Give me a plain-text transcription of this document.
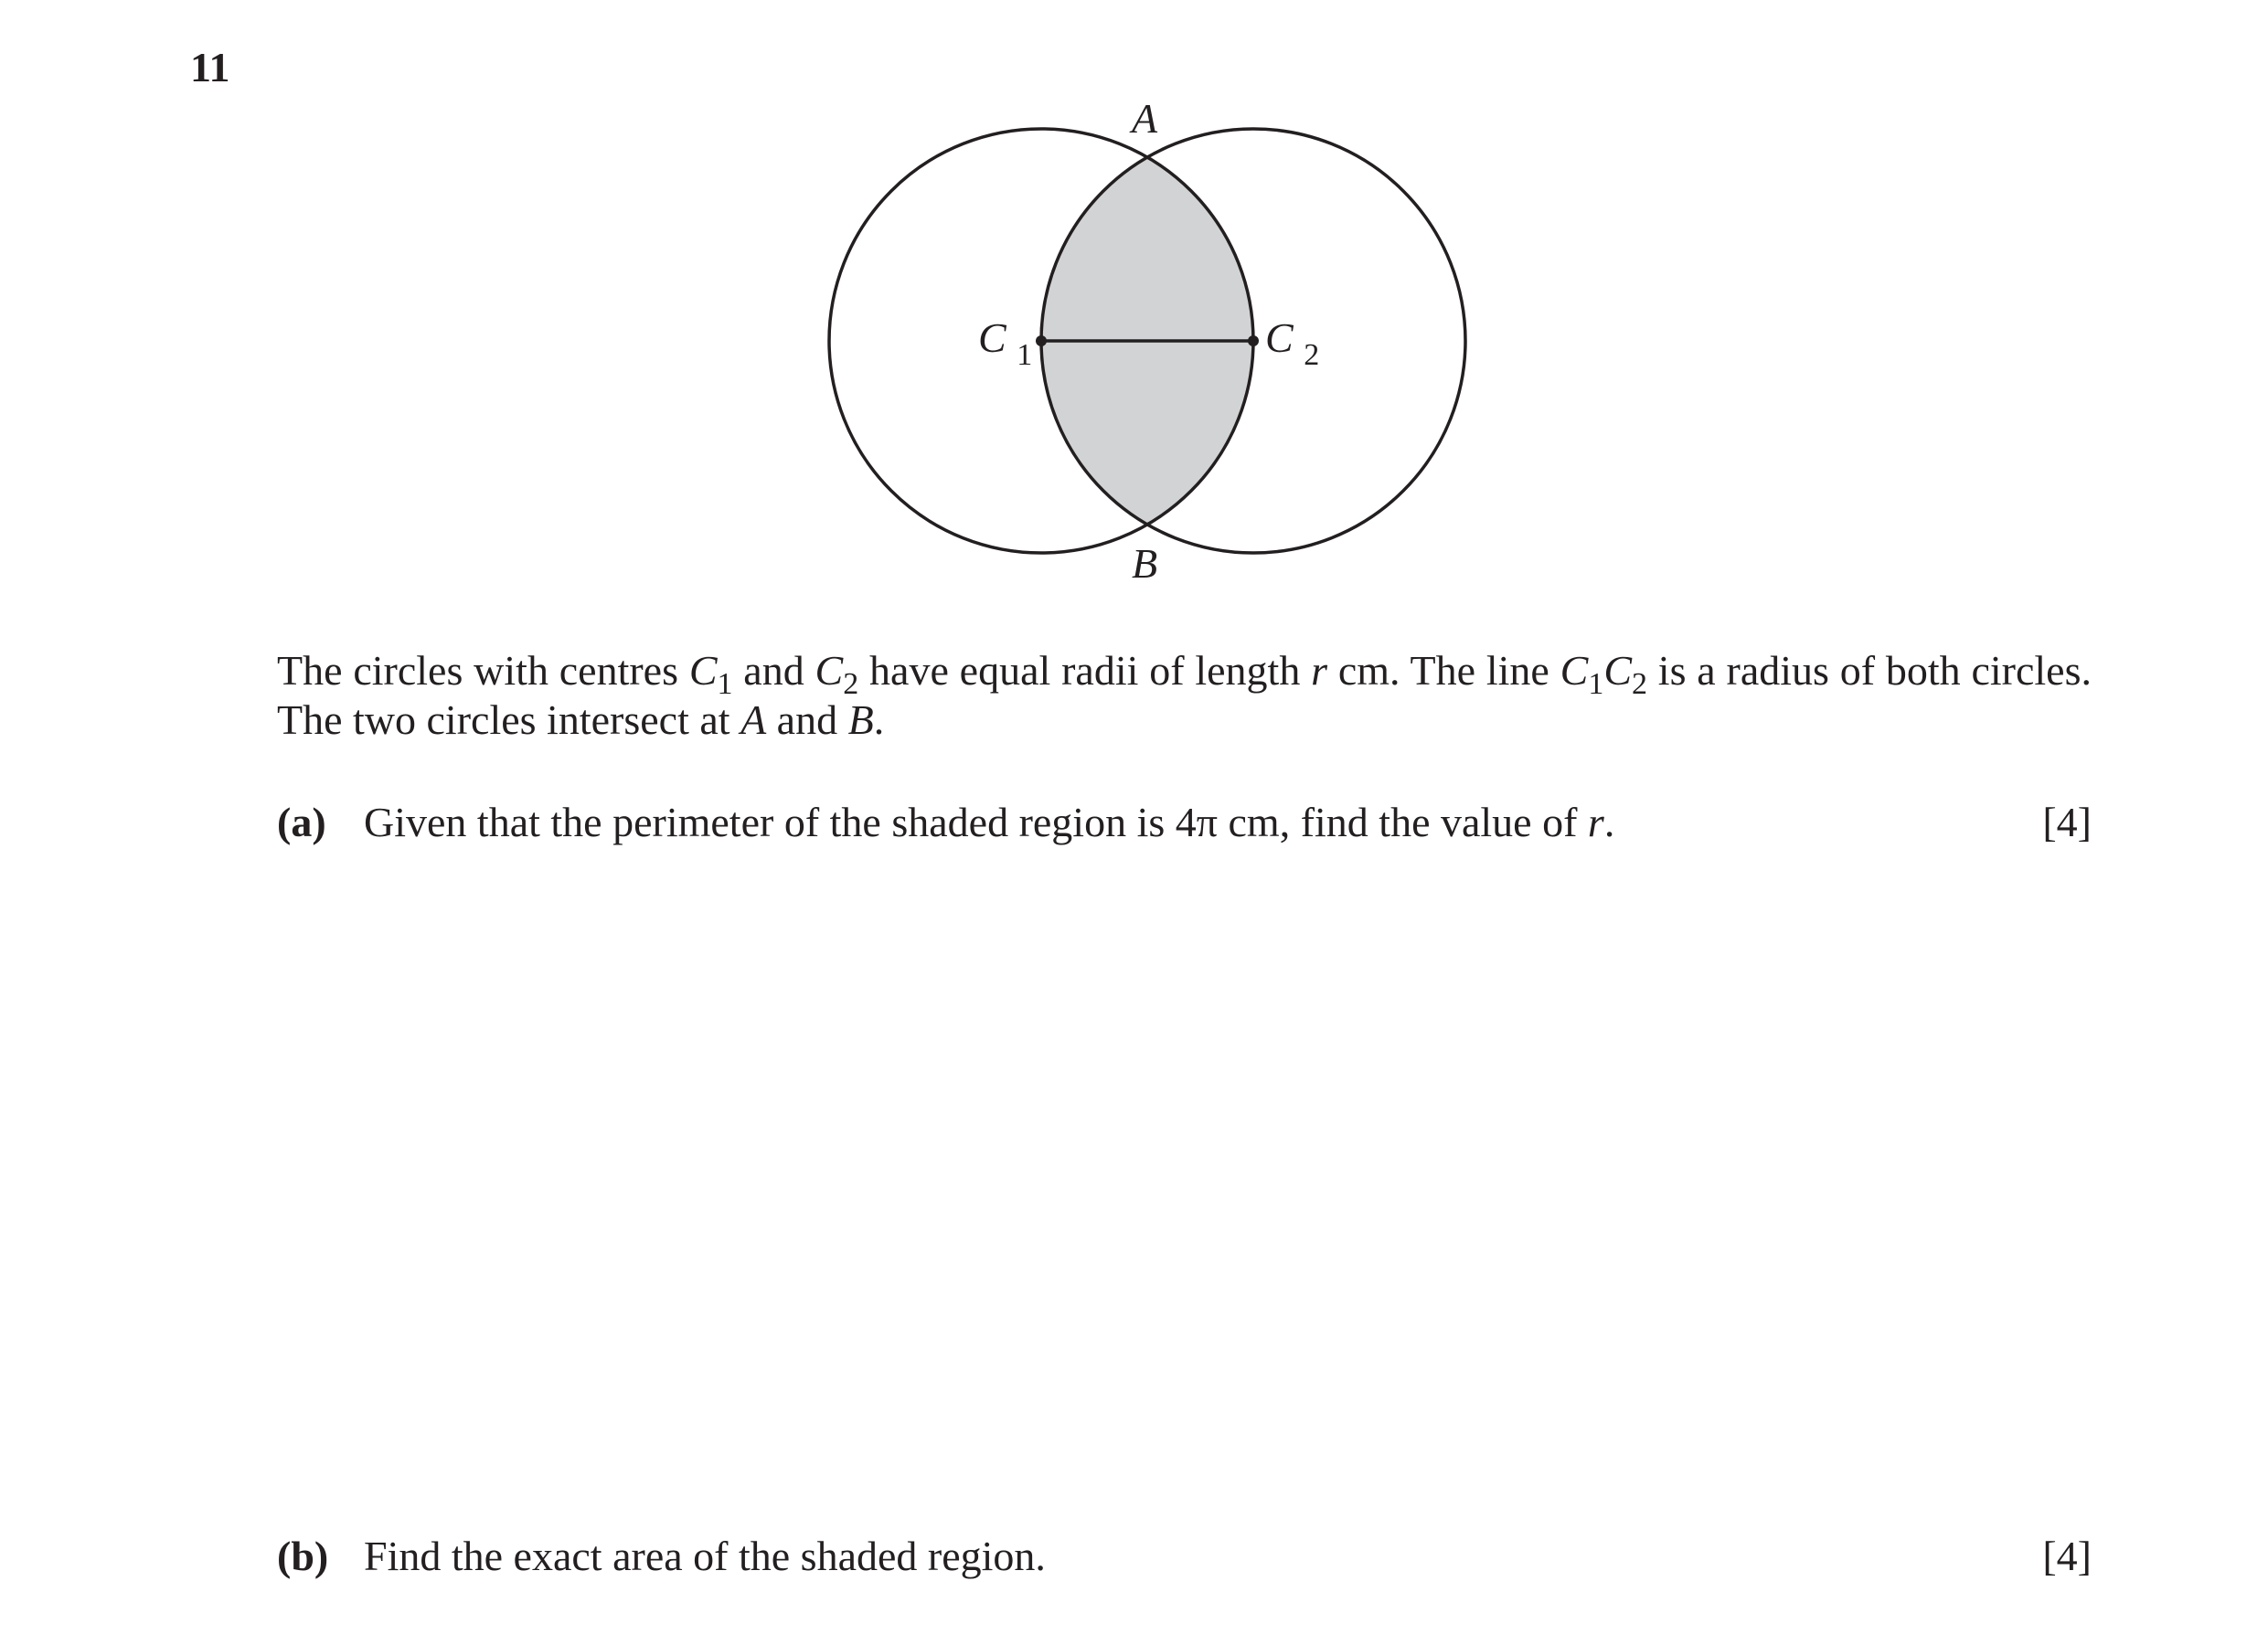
11
A
B
C $_1$	C $_2$
The circles with centres $C_1$ and $C_2$ have equal radii of length r cm. The line $C_1C_2$ is a radius of both circles. The two circles intersect at A and B.
(a) Given that the perimeter of the shaded region is 4π cm, find the value of r.	[4]
(b) Find the exact area of the shaded region.	[4]
